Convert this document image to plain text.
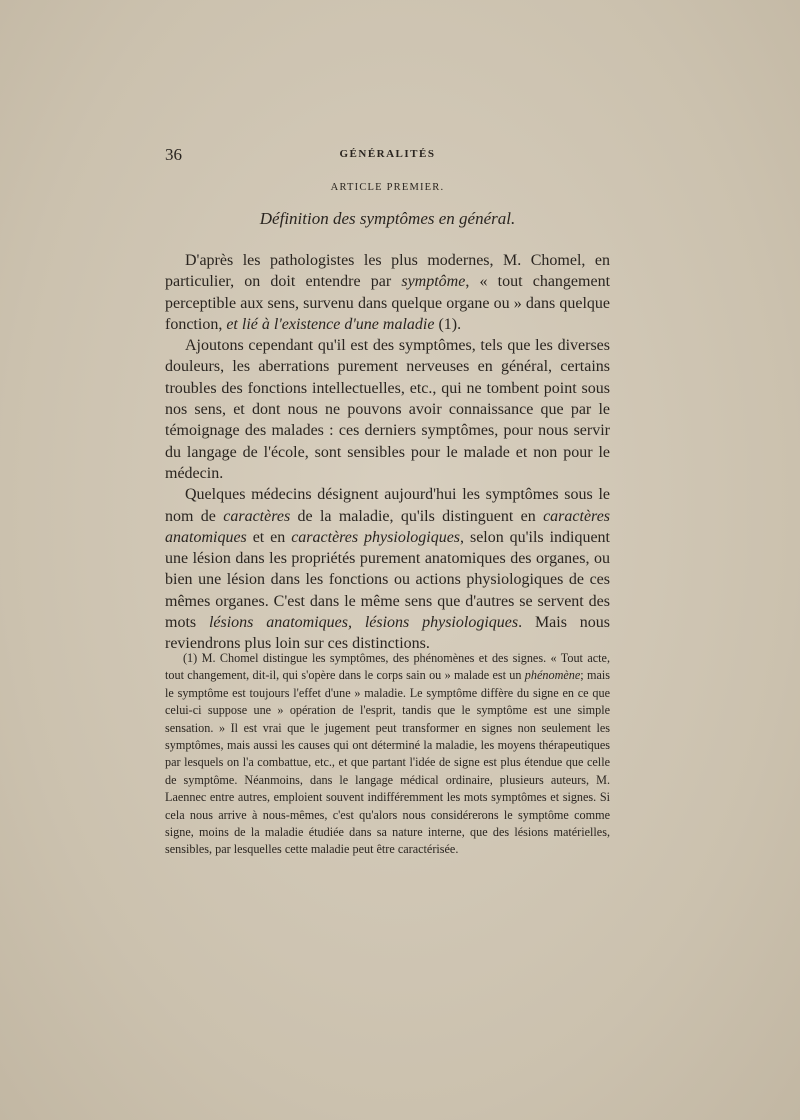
36	GÉNÉRALITÉS
ARTICLE PREMIER.
Définition des symptômes en général.

D'après les pathologistes les plus modernes, M. Chomel, en particulier, on doit entendre par symptôme, « tout changement perceptible aux sens, survenu dans quelque organe ou » dans quelque fonction, et lié à l'existence d'une maladie (1).

Ajoutons cependant qu'il est des symptômes, tels que les diverses douleurs, les aberrations purement nerveuses en général, certains troubles des fonctions intellectuelles, etc., qui ne tombent point sous nos sens, et dont nous ne pouvons avoir connaissance que par le témoignage des malades : ces derniers symptômes, pour nous servir du langage de l'école, sont sensibles pour le malade et non pour le médecin.

Quelques médecins désignent aujourd'hui les symptômes sous le nom de caractères de la maladie, qu'ils distinguent en caractères anatomiques et en caractères physiologiques, selon qu'ils indiquent une lésion dans les propriétés purement anatomiques des organes, ou bien une lésion dans les fonctions ou actions physiologiques de ces mêmes organes. C'est dans le même sens que d'autres se servent des mots lésions anatomiques, lésions physiologiques. Mais nous reviendrons plus loin sur ces distinctions.

(1) M. Chomel distingue les symptômes, des phénomènes et des signes. « Tout acte, tout changement, dit-il, qui s'opère dans le corps sain ou » malade est un phénomène; mais le symptôme est toujours l'effet d'une » maladie. Le symptôme diffère du signe en ce que celui-ci suppose une » opération de l'esprit, tandis que le symptôme est une simple sensation. » Il est vrai que le jugement peut transformer en signes non seulement les symptômes, mais aussi les causes qui ont déterminé la maladie, les moyens thérapeutiques par lesquels on l'a combattue, etc., et que partant l'idée de signe est plus étendue que celle de symptôme. Néanmoins, dans le langage médical ordinaire, plusieurs auteurs, M. Laennec entre autres, emploient souvent indifféremment les mots symptômes et signes. Si cela nous arrive à nous-mêmes, c'est qu'alors nous considérerons le symptôme comme signe, moins de la maladie étudiée dans sa nature interne, que des lésions matérielles, sensibles, par lesquelles cette maladie peut être caractérisée.
